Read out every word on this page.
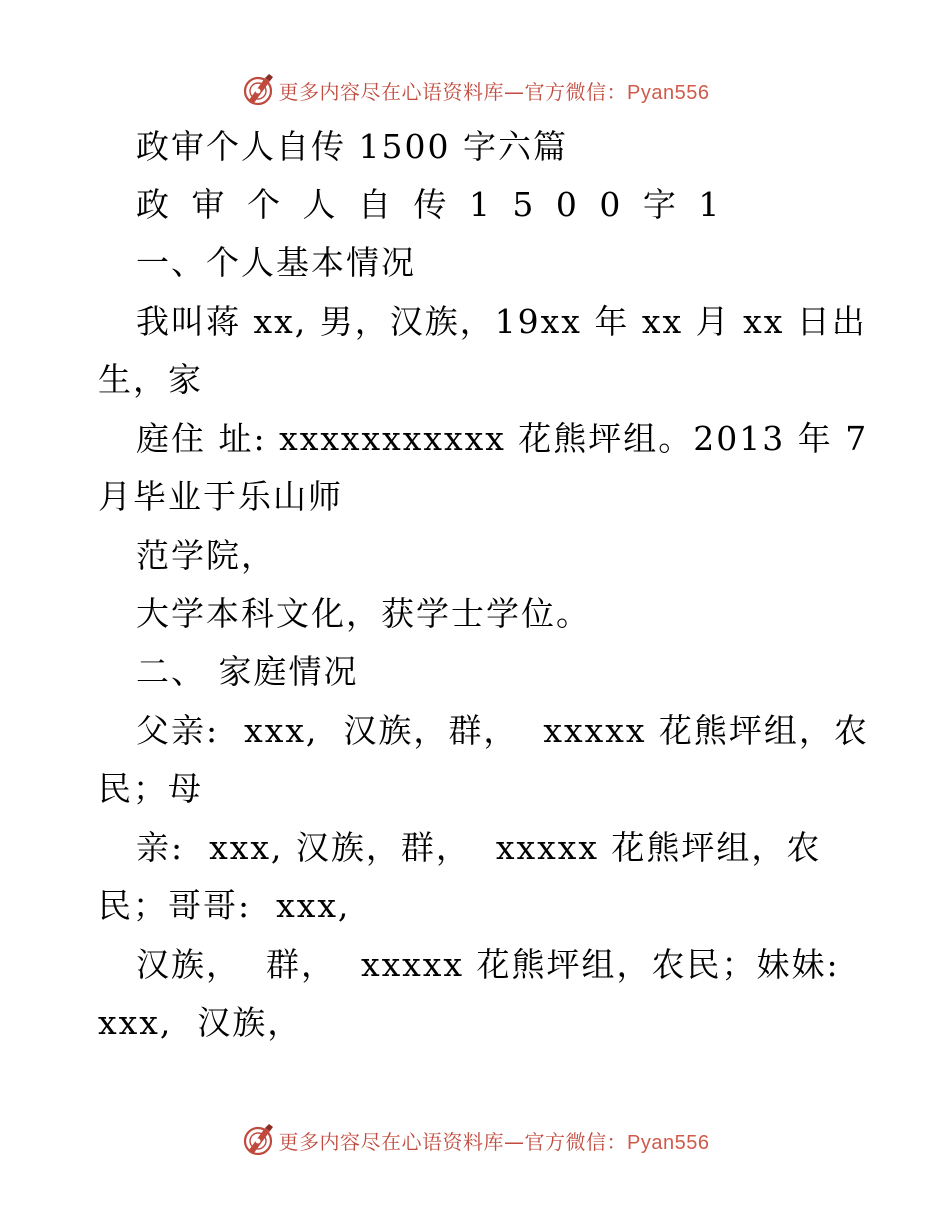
更多内容尽在心语资料库—官方微信：Pyan556
政审个人自传 1500 字六篇
政 审 个 人 自 传 1 5 0 0 字 1
一、个人基本情况
我叫蒋 xx, 男，汉族，19xx 年 xx 月 xx 日出
生，家
庭住 址: xxxxxxxxxxx 花熊坪组。2013 年 7
月毕业于乐山师
范学院，
大学本科文化，获学士学位。
二、 家庭情况
父亲:  xxx,  汉族，群，  xxxxx 花熊坪组，农
民；母
亲:  xxx, 汉族，群，  xxxxx 花熊坪组，农
民；哥哥:  xxx,
汉族，  群，  xxxxx 花熊坪组，农民；妹妹:
xxx,  汉族，
更多内容尽在心语资料库—官方微信：Pyan556
